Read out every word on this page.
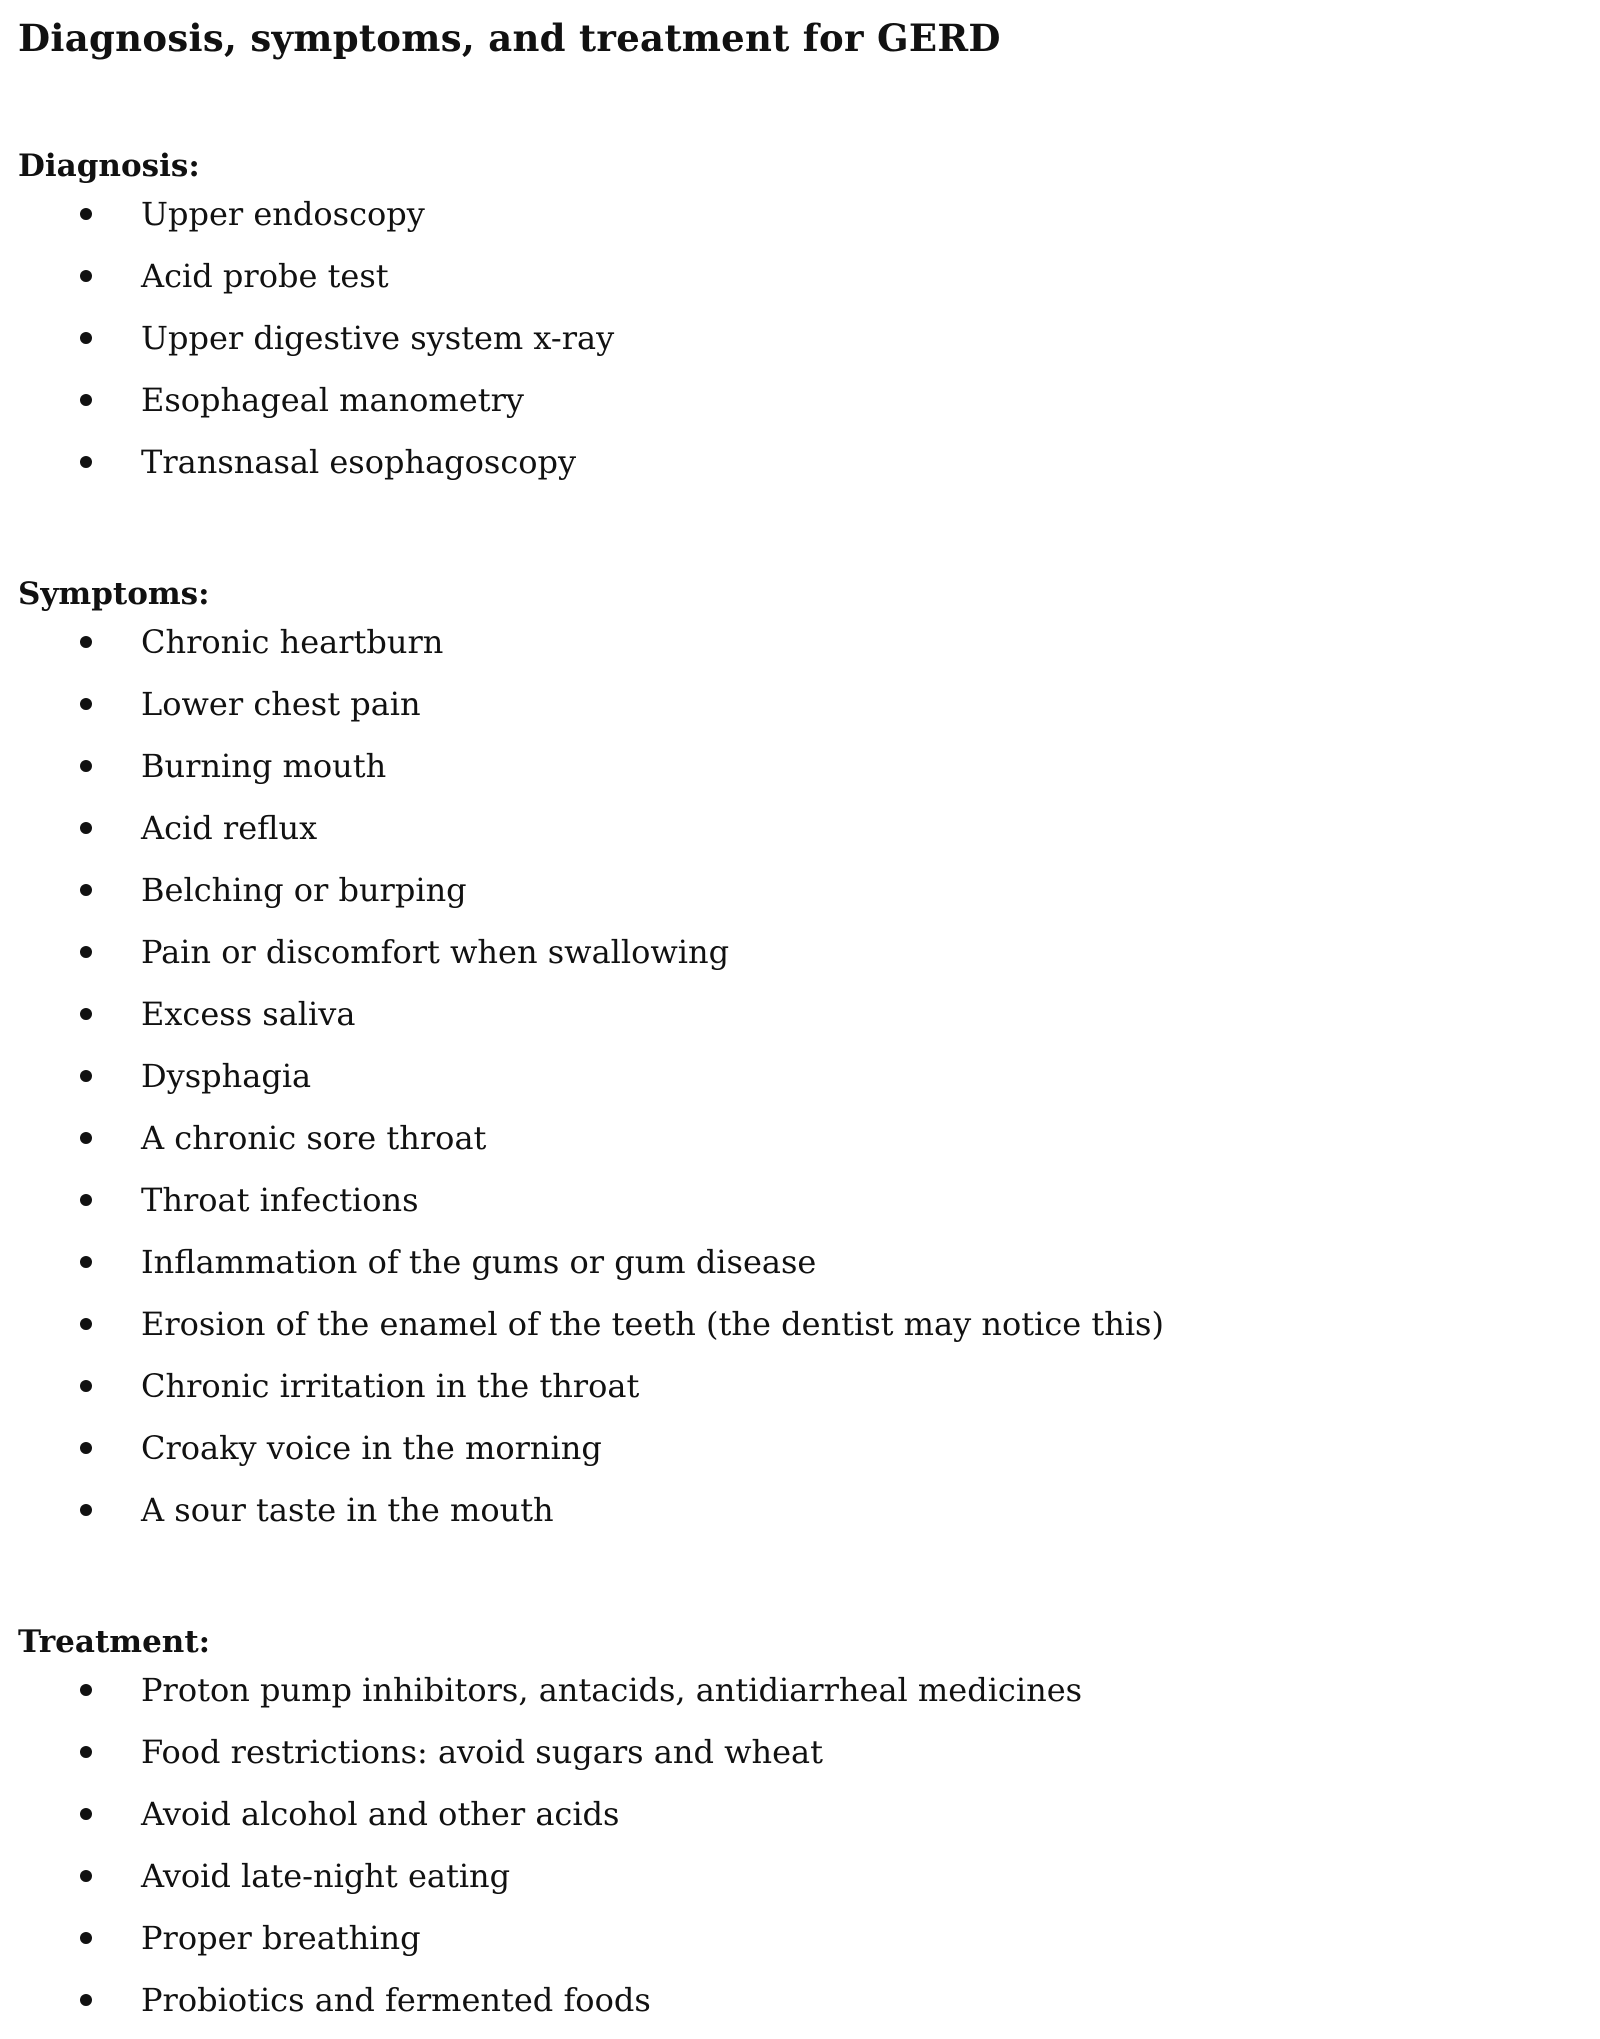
Diagnosis, symptoms, and treatment for GERD
Diagnosis:
Upper endoscopy
Acid probe test
Upper digestive system x-ray
Esophageal manometry
Transnasal esophagoscopy
Symptoms:
Chronic heartburn
Lower chest pain
Burning mouth
Acid reflux
Belching or burping
Pain or discomfort when swallowing
Excess saliva
Dysphagia
A chronic sore throat
Throat infections
Inflammation of the gums or gum disease
Erosion of the enamel of the teeth (the dentist may notice this)
Chronic irritation in the throat
Croaky voice in the morning
A sour taste in the mouth
Treatment:
Proton pump inhibitors, antacids, antidiarrheal medicines
Food restrictions: avoid sugars and wheat
Avoid alcohol and other acids
Avoid late-night eating
Proper breathing
Probiotics and fermented foods
